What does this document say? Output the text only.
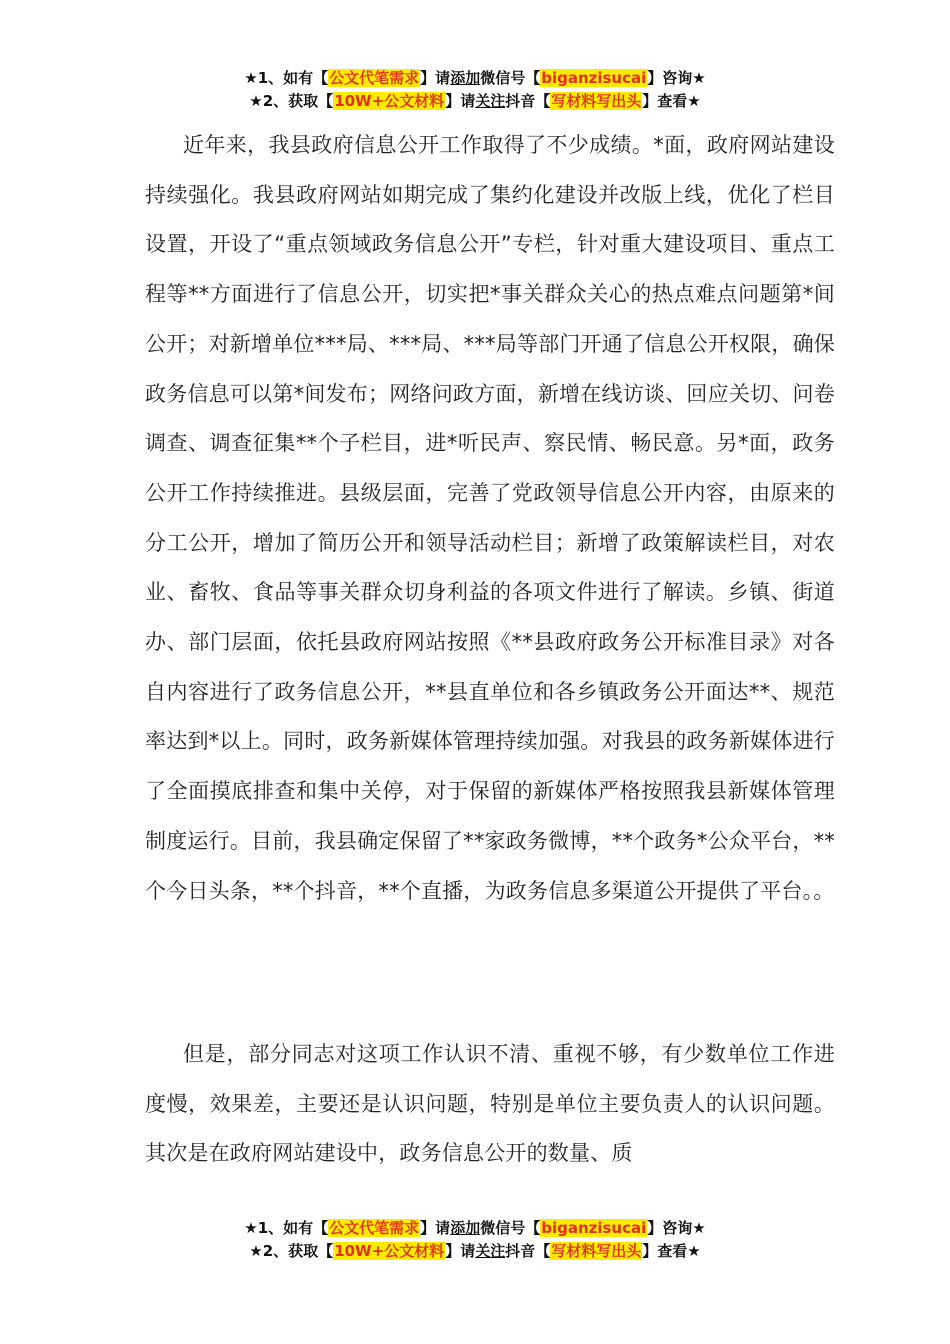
★1、如有【公文代笔需求】请添加微信号【biganzisucai】咨询★
★2、获取【10W+公文材料】请关注抖音【写材料写出头】查看★

近年来，我县政府信息公开工作取得了不少成绩。*面，政府网站建设持续强化。我县政府网站如期完成了集约化建设并改版上线，优化了栏目设置，开设了“重点领域政务信息公开”专栏，针对重大建设项目、重点工程等**方面进行了信息公开，切实把*事关群众关心的热点难点问题第*间公开；对新增单位***局、***局、***局等部门开通了信息公开权限，确保政务信息可以第*间发布；网络问政方面，新增在线访谈、回应关切、问卷调查、调查征集**个子栏目，进*听民声、察民情、畅民意。另*面，政务公开工作持续推进。县级层面，完善了党政领导信息公开内容，由原来的分工公开，增加了简历公开和领导活动栏目；新增了政策解读栏目，对农业、畜牧、食品等事关群众切身利益的各项文件进行了解读。乡镇、街道办、部门层面，依托县政府网站按照《**县政府政务公开标准目录》对各自内容进行了政务信息公开，**县直单位和各乡镇政务公开面达**、规范率达到*以上。同时，政务新媒体管理持续加强。对我县的政务新媒体进行了全面摸底排查和集中关停，对于保留的新媒体严格按照我县新媒体管理制度运行。目前，我县确定保留了**家政务微博，**个政务*公众平台，**个今日头条，**个抖音，**个直播，为政务信息多渠道公开提供了平台。。

但是，部分同志对这项工作认识不清、重视不够，有少数单位工作进度慢，效果差，主要还是认识问题，特别是单位主要负责人的认识问题。其次是在政府网站建设中，政务信息公开的数量、质

★1、如有【公文代笔需求】请添加微信号【biganzisucai】咨询★
★2、获取【10W+公文材料】请关注抖音【写材料写出头】查看★
